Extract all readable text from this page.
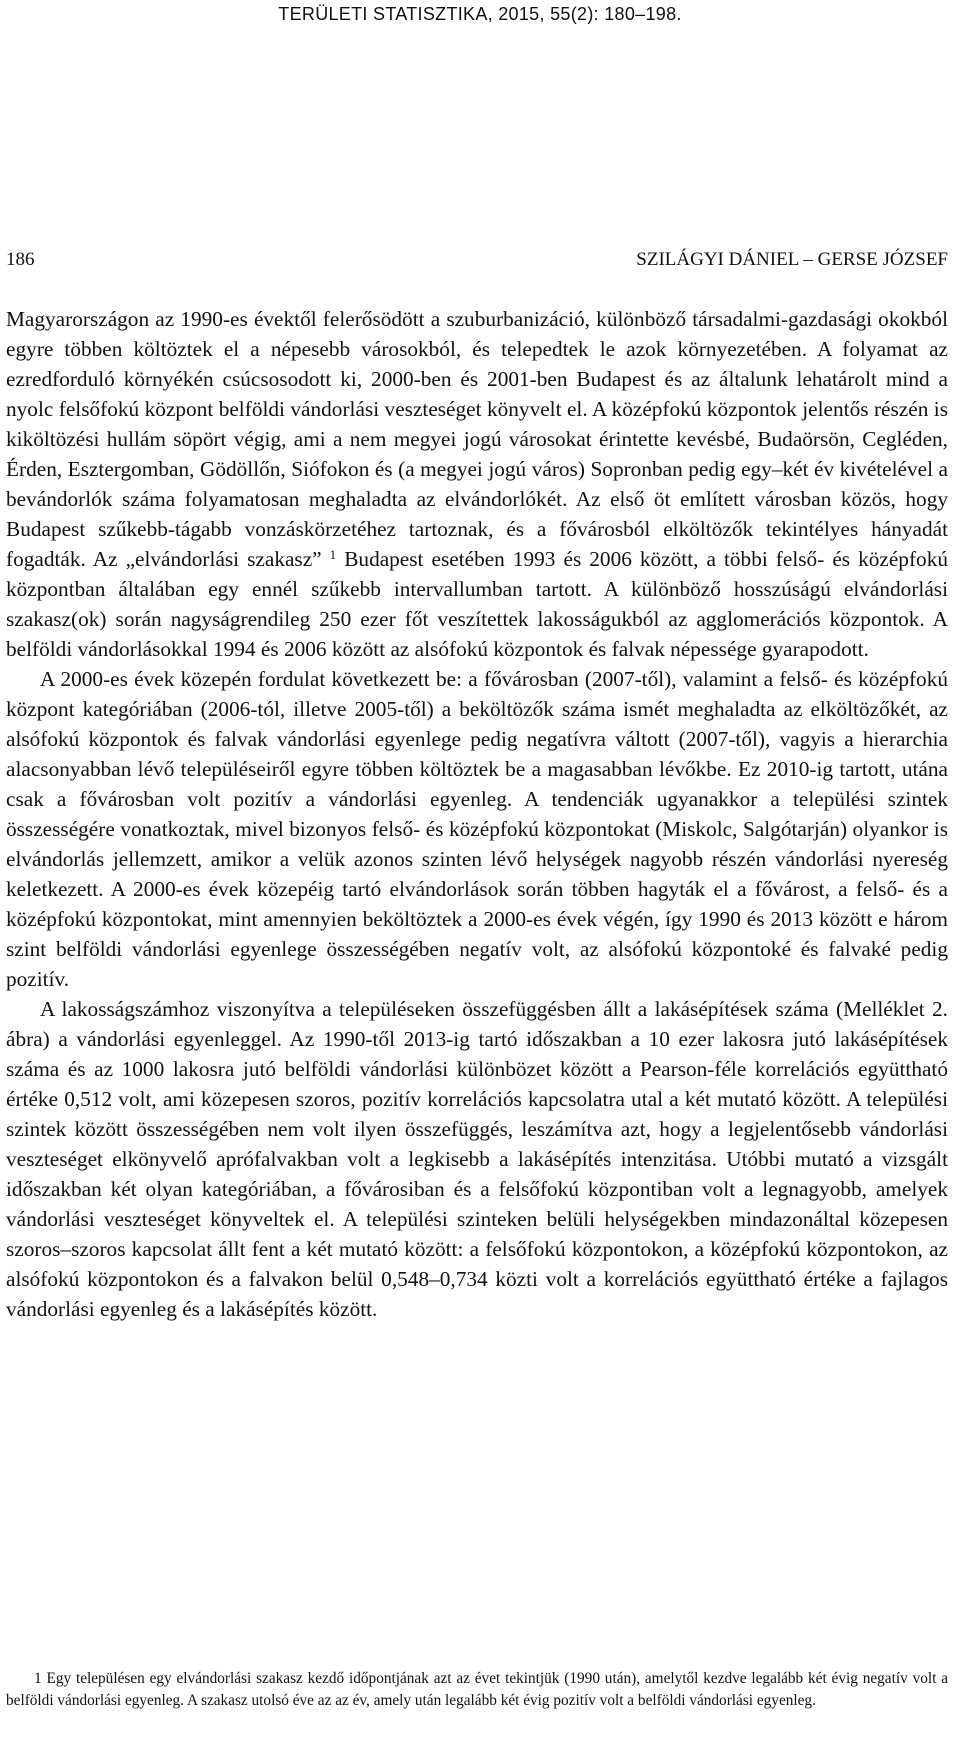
TERÜLETI STATISZTIKA, 2015, 55(2): 180–198.
186	SZILÁGYI DÁNIEL – GERSE JÓZSEF

Magyarországon az 1990-es évektől felerősödött a szuburbanizáció, különböző társadalmi-gazdasági okokból egyre többen költöztek el a népesebb városokból, és telepedtek le azok környezetében. A folyamat az ezredforduló környékén csúcsosodott ki, 2000-ben és 2001-ben Budapest és az általunk lehatárolt mind a nyolc felsőfokú központ belföldi vándorlási veszteséget könyvelt el. A középfokú központok jelentős részén is kiköltözési hullám söpört végig, ami a nem megyei jogú városokat érintette kevésbé, Budaörsön, Cegléden, Érden, Esztergomban, Gödöllőn, Siófokon és (a megyei jogú város) Sopronban pedig egy–két év kivételével a bevándorlók száma folyamatosan meghaladta az elvándorlókét. Az első öt említett városban közös, hogy Budapest szűkebb-tágabb vonzáskörzetéhez tartoznak, és a fővárosból elköltözők tekintélyes hányadát fogadták. Az „elvándorlási szakasz” $^1$ Budapest esetében 1993 és 2006 között, a többi felső- és középfokú központban általában egy ennél szűkebb intervallumban tartott. A különböző hosszúságú elvándorlási szakasz(ok) során nagyságrendileg 250 ezer főt veszítettek lakosságukból az agglomerációs központok. A belföldi vándorlásokkal 1994 és 2006 között az alsófokú központok és falvak népessége gyarapodott.

A 2000-es évek közepén fordulat következett be: a fővárosban (2007-től), valamint a felső- és középfokú központ kategóriában (2006-tól, illetve 2005-től) a beköltözők száma ismét meghaladta az elköltözőkét, az alsófokú központok és falvak vándorlási egyenlege pedig negatívra váltott (2007-től), vagyis a hierarchia alacsonyabban lévő településeiről egyre többen költöztek be a magasabban lévőkbe. Ez 2010-ig tartott, utána csak a fővárosban volt pozitív a vándorlási egyenleg. A tendenciák ugyanakkor a települési szintek összességére vonatkoztak, mivel bizonyos felső- és középfokú központokat (Miskolc, Salgótarján) olyankor is elvándorlás jellemzett, amikor a velük azonos szinten lévő helységek nagyobb részén vándorlási nyereség keletkezett. A 2000-es évek közepéig tartó elvándorlások során többen hagyták el a fővárost, a felső- és a középfokú központokat, mint amennyien beköltöztek a 2000-es évek végén, így 1990 és 2013 között e három szint belföldi vándorlási egyenlege összességében negatív volt, az alsófokú központoké és falvaké pedig pozitív.

A lakosságszámhoz viszonyítva a településeken összefüggésben állt a lakásépítések száma (Melléklet 2. ábra) a vándorlási egyenleggel. Az 1990-től 2013-ig tartó időszakban a 10 ezer lakosra jutó lakásépítések száma és az 1000 lakosra jutó belföldi vándorlási különbözet között a Pearson-féle korrelációs együttható értéke 0,512 volt, ami közepesen szoros, pozitív korrelációs kapcsolatra utal a két mutató között. A települési szintek között összességében nem volt ilyen összefüggés, leszámítva azt, hogy a legjelentősebb vándorlási veszteséget elkönyvelő aprófalvakban volt a legkisebb a lakásépítés intenzitása. Utóbbi mutató a vizsgált időszakban két olyan kategóriában, a fővárosiban és a felsőfokú központiban volt a legnagyobb, amelyek vándorlási veszteséget könyveltek el. A települési szinteken belüli helységekben mindazonáltal közepesen szoros–szoros kapcsolat állt fent a két mutató között: a felsőfokú központokon, a középfokú központokon, az alsófokú központokon és a falvakon belül 0,548–0,734 közti volt a korrelációs együttható értéke a fajlagos vándorlási egyenleg és a lakásépítés között.

1 Egy településen egy elvándorlási szakasz kezdő időpontjának azt az évet tekintjük (1990 után), amelytől kezdve legalább két évig negatív volt a belföldi vándorlási egyenleg. A szakasz utolsó éve az az év, amely után legalább két évig pozitív volt a belföldi vándorlási egyenleg.
